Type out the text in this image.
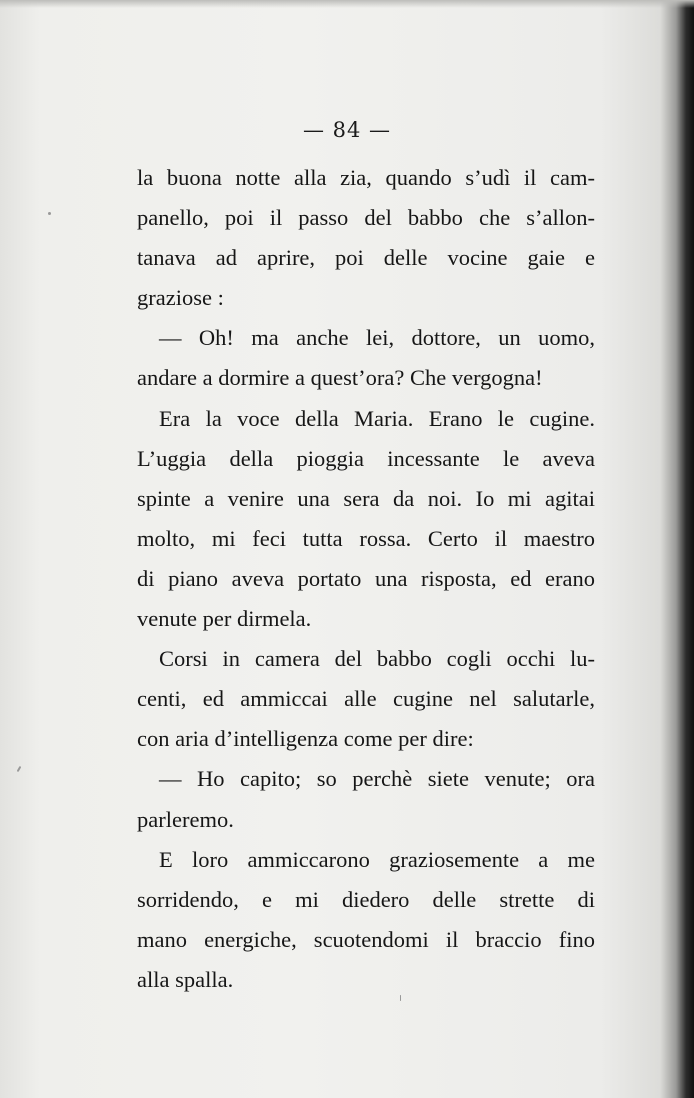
— 84 —
la buona notte alla zia, quando s’udì il cam-
panello, poi il passo del babbo che s’allon-
tanava ad aprire, poi delle vocine gaie e
graziose :
— Oh! ma anche lei, dottore, un uomo,
andare a dormire a quest’ora? Che vergogna!
Era la voce della Maria. Erano le cugine.
L’uggia della pioggia incessante le aveva
spinte a venire una sera da noi. Io mi agitai
molto, mi feci tutta rossa. Certo il maestro
di piano aveva portato una risposta, ed erano
venute per dirmela.
Corsi in camera del babbo cogli occhi lu-
centi, ed ammiccai alle cugine nel salutarle,
con aria d’intelligenza come per dire:
— Ho capito; so perchè siete venute; ora
parleremo.
E loro ammiccarono graziosemente a me
sorridendo, e mi diedero delle strette di
mano energiche, scuotendomi il braccio fino
alla spalla.
